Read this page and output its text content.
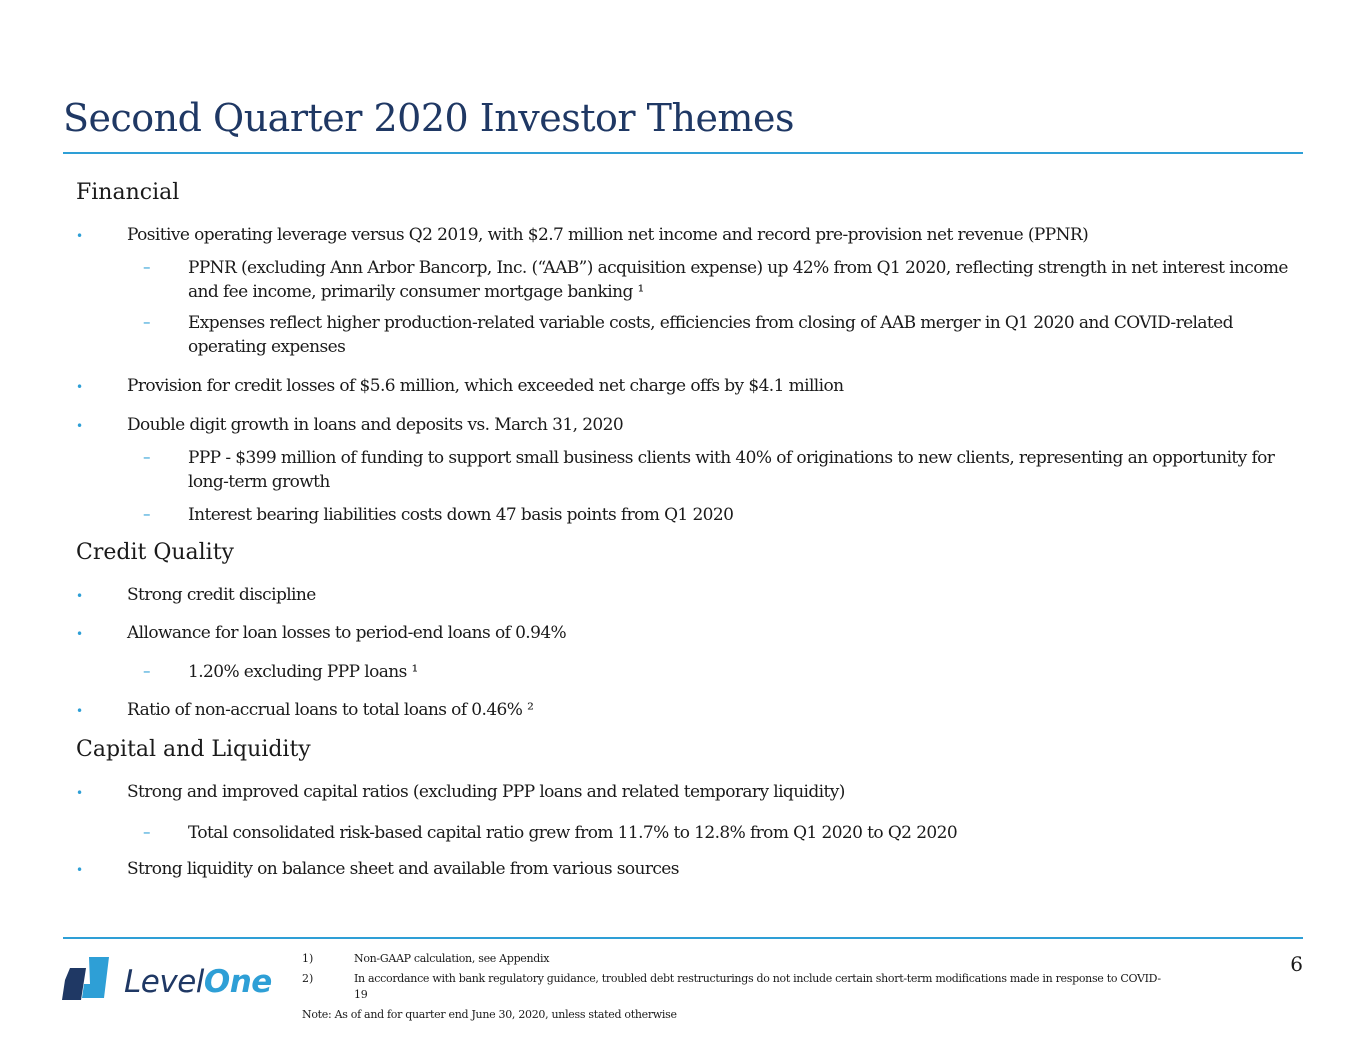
Second Quarter 2020 Investor Themes
Financial
•	Positive operating leverage versus Q2 2019, with $2.7 million net income and record pre-provision net revenue (PPNR)
– PPNR (excluding Ann Arbor Bancorp, Inc. (“AAB”) acquisition expense) up 42% from Q1 2020, reflecting strength in net interest income and fee income, primarily consumer mortgage banking ¹
– Expenses reflect higher production-related variable costs, efficiencies from closing of AAB merger in Q1 2020 and COVID-related operating expenses
•	Provision for credit losses of $5.6 million, which exceeded net charge offs by $4.1 million
•	Double digit growth in loans and deposits vs. March 31, 2020
– PPP - $399 million of funding to support small business clients with 40% of originations to new clients, representing an opportunity for long-term growth
– Interest bearing liabilities costs down 47 basis points from Q1 2020
Credit Quality
•	Strong credit discipline
•	Allowance for loan losses to period-end loans of 0.94%
– 1.20% excluding PPP loans ¹
•	Ratio of non-accrual loans to total loans of 0.46% ²
Capital and Liquidity
•	Strong and improved capital ratios (excluding PPP loans and related temporary liquidity)
– Total consolidated risk-based capital ratio grew from 11.7% to 12.8% from Q1 2020 to Q2 2020
•	Strong liquidity on balance sheet and available from various sources
LevelOne
1)	Non-GAAP calculation, see Appendix
2)	In accordance with bank regulatory guidance, troubled debt restructurings do not include certain short-term modifications made in response to COVID-19
Note: As of and for quarter end June 30, 2020, unless stated otherwise
6
